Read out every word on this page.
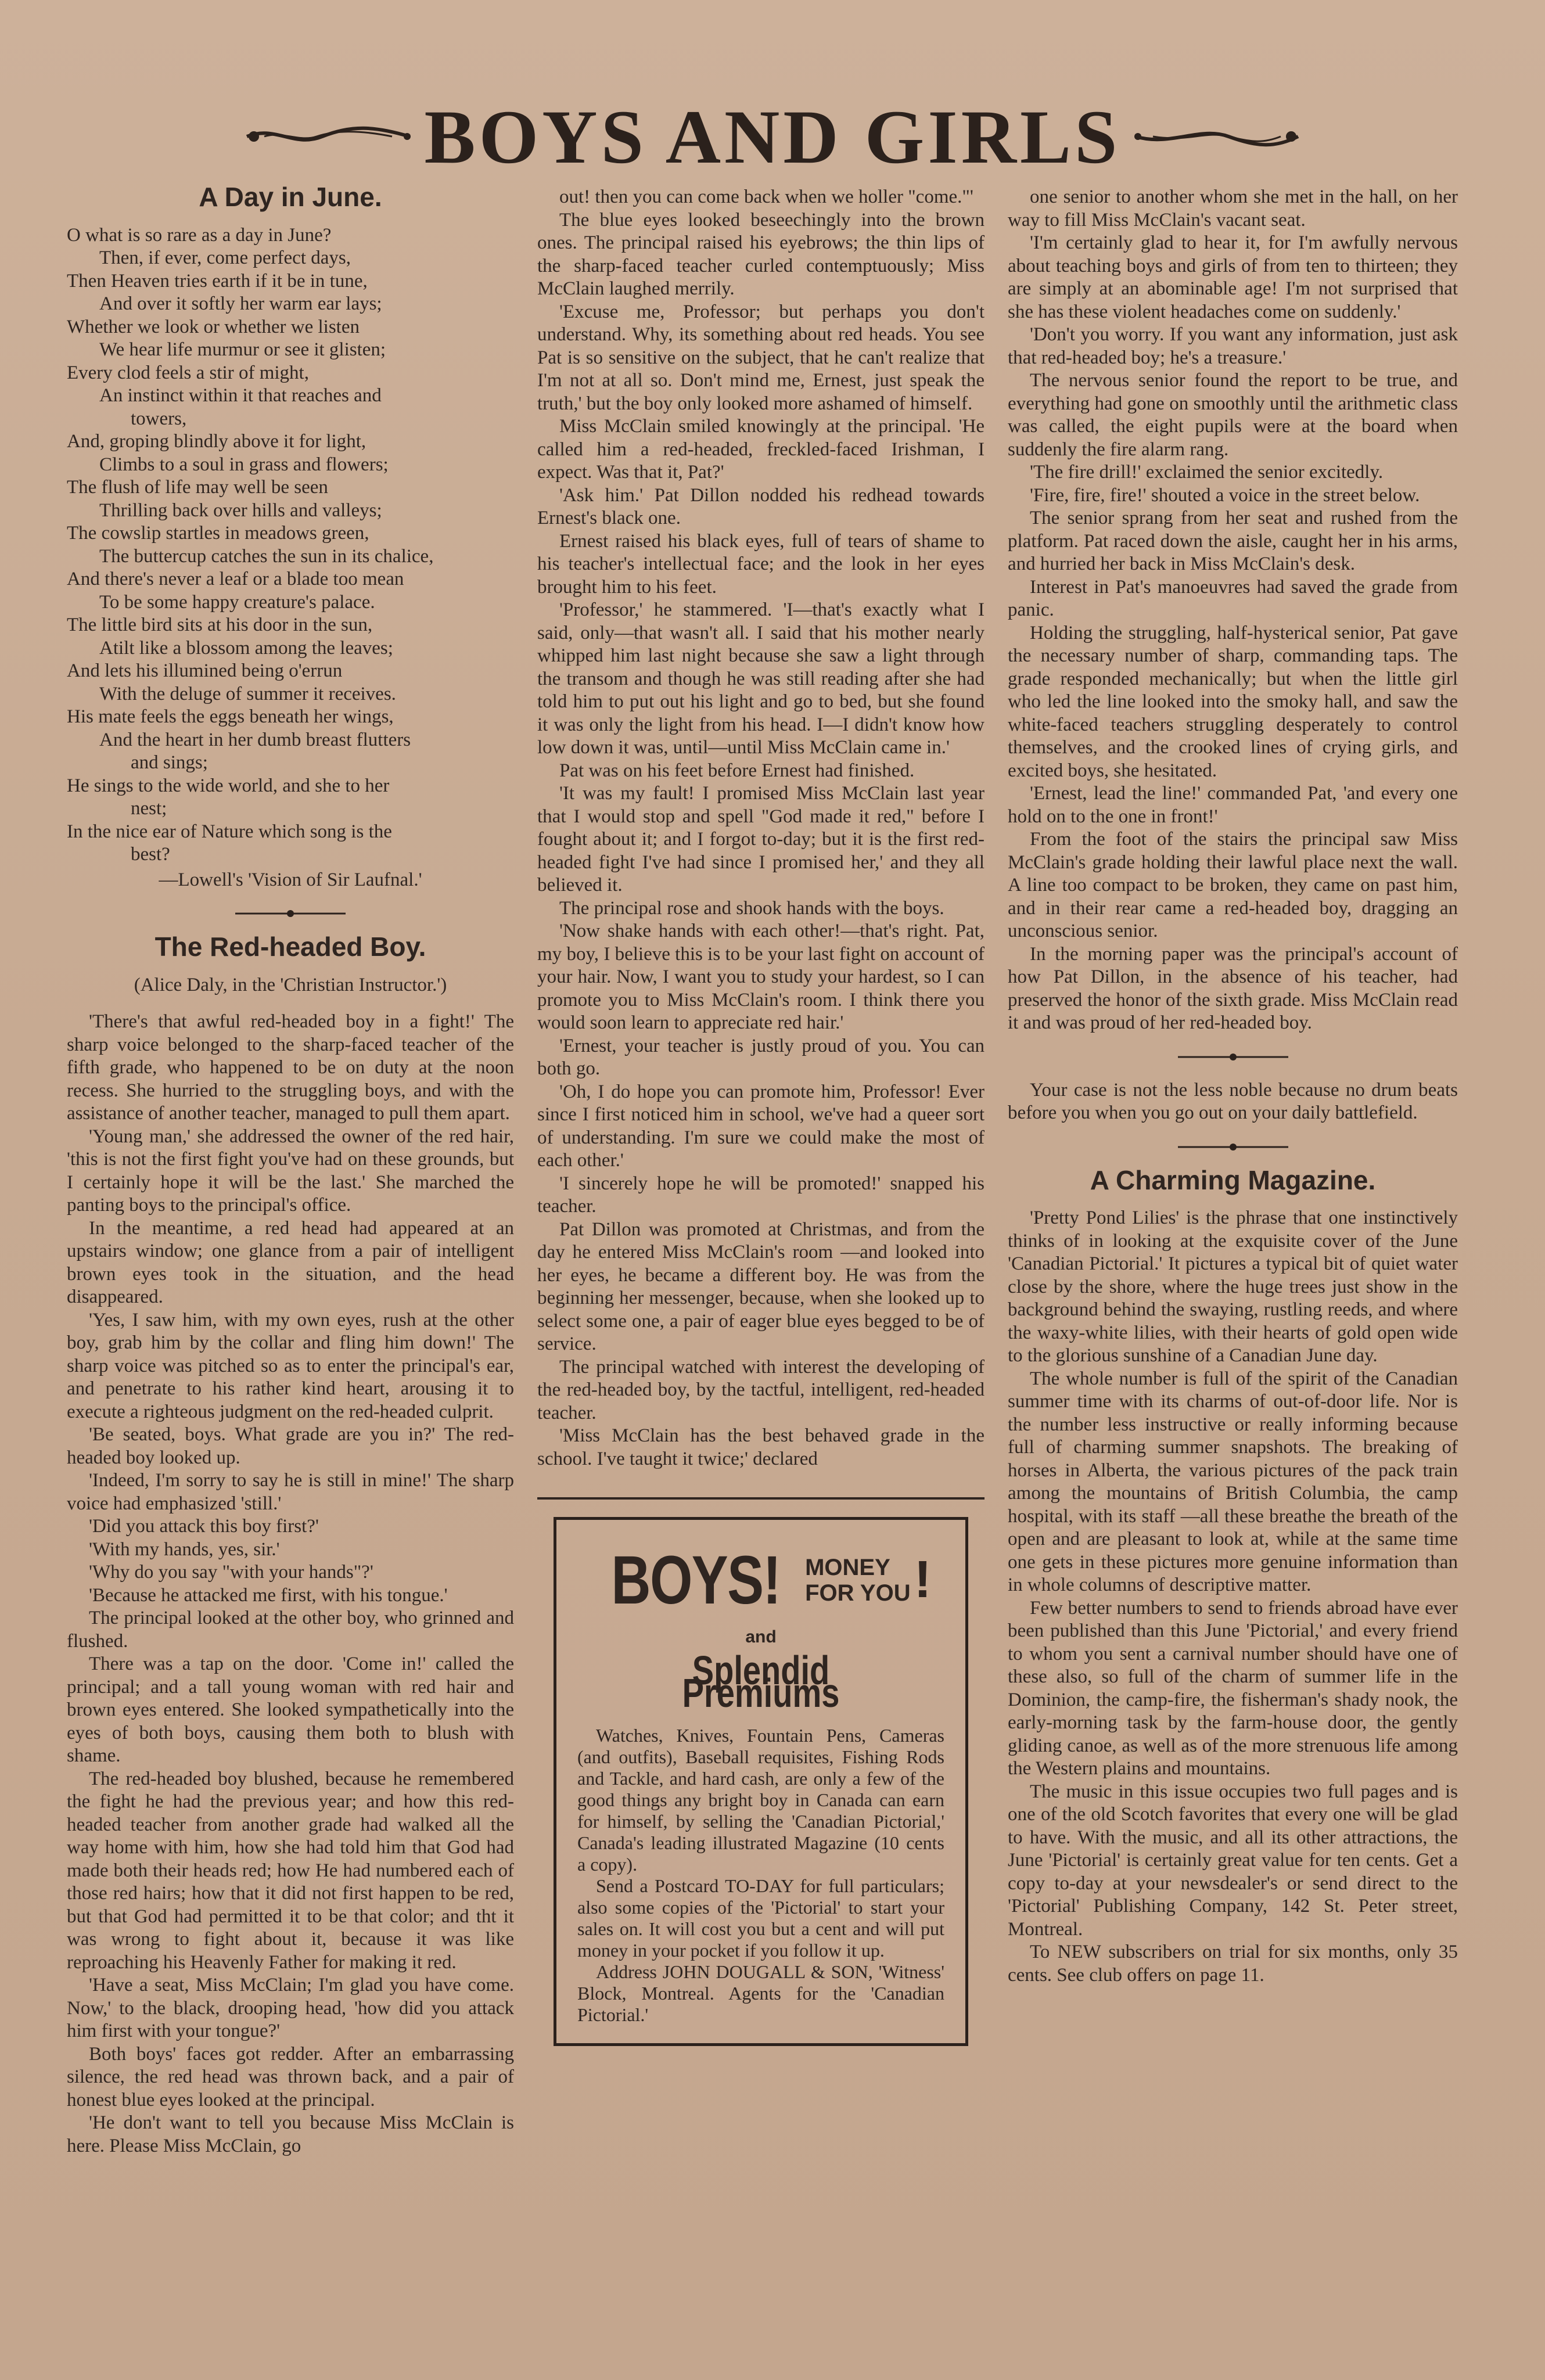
BOYS AND GIRLS
A Day in June.
O what is so rare as a day in June?
Then, if ever, come perfect days,
Then Heaven tries earth if it be in tune,
And over it softly her warm ear lays;
Whether we look or whether we listen
We hear life murmur or see it glisten;
Every clod feels a stir of might,
An instinct within it that reaches and
towers,
And, groping blindly above it for light,
Climbs to a soul in grass and flowers;
The flush of life may well be seen
Thrilling back over hills and valleys;
The cowslip startles in meadows green,
The buttercup catches the sun in its chalice,
And there's never a leaf or a blade too mean
To be some happy creature's palace.
The little bird sits at his door in the sun,
Atilt like a blossom among the leaves;
And lets his illumined being o'errun
With the deluge of summer it receives.
His mate feels the eggs beneath her wings,
And the heart in her dumb breast flutters
and sings;
He sings to the wide world, and she to her
nest;
In the nice ear of Nature which song is the
best?
—Lowell's 'Vision of Sir Laufnal.'
The Red-headed Boy.
(Alice Daly, in the 'Christian Instructor.')

'There's that awful red-headed boy in a fight!' The sharp voice belonged to the sharp-faced teacher of the fifth grade, who happened to be on duty at the noon recess. She hurried to the struggling boys, and with the assistance of another teacher, managed to pull them apart.

'Young man,' she addressed the owner of the red hair, 'this is not the first fight you've had on these grounds, but I certainly hope it will be the last.' She marched the panting boys to the principal's office.

In the meantime, a red head had appeared at an upstairs window; one glance from a pair of intelligent brown eyes took in the situation, and the head disappeared.

'Yes, I saw him, with my own eyes, rush at the other boy, grab him by the collar and fling him down!' The sharp voice was pitched so as to enter the principal's ear, and penetrate to his rather kind heart, arousing it to execute a righteous judgment on the red-headed culprit.

'Be seated, boys. What grade are you in?' The red-headed boy looked up.

'Indeed, I'm sorry to say he is still in mine!' The sharp voice had emphasized 'still.'

'Did you attack this boy first?'

'With my hands, yes, sir.'

'Why do you say "with your hands"?'

'Because he attacked me first, with his tongue.'

The principal looked at the other boy, who grinned and flushed.

There was a tap on the door. 'Come in!' called the principal; and a tall young woman with red hair and brown eyes entered. She looked sympathetically into the eyes of both boys, causing them both to blush with shame.

The red-headed boy blushed, because he remembered the fight he had the previous year; and how this red-headed teacher from another grade had walked all the way home with him, how she had told him that God had made both their heads red; how He had numbered each of those red hairs; how that it did not first happen to be red, but that God had permitted it to be that color; and tht it was wrong to fight about it, because it was like reproaching his Heavenly Father for making it red.

'Have a seat, Miss McClain; I'm glad you have come. Now,' to the black, drooping head, 'how did you attack him first with your tongue?'

Both boys' faces got redder. After an embarrassing silence, the red head was thrown back, and a pair of honest blue eyes looked at the principal.

'He don't want to tell you because Miss McClain is here. Please Miss McClain, go

out! then you can come back when we holler "come."'

The blue eyes looked beseechingly into the brown ones. The principal raised his eyebrows; the thin lips of the sharp-faced teacher curled contemptuously; Miss McClain laughed merrily.

'Excuse me, Professor; but perhaps you don't understand. Why, its something about red heads. You see Pat is so sensitive on the subject, that he can't realize that I'm not at all so. Don't mind me, Ernest, just speak the truth,' but the boy only looked more ashamed of himself.

Miss McClain smiled knowingly at the principal. 'He called him a red-headed, freckled-faced Irishman, I expect. Was that it, Pat?'

'Ask him.' Pat Dillon nodded his redhead towards Ernest's black one.

Ernest raised his black eyes, full of tears of shame to his teacher's intellectual face; and the look in her eyes brought him to his feet.

'Professor,' he stammered. 'I—that's exactly what I said, only—that wasn't all. I said that his mother nearly whipped him last night because she saw a light through the transom and though he was still reading after she had told him to put out his light and go to bed, but she found it was only the light from his head. I—I didn't know how low down it was, until—until Miss McClain came in.'

Pat was on his feet before Ernest had finished.

'It was my fault! I promised Miss McClain last year that I would stop and spell "God made it red," before I fought about it; and I forgot to-day; but it is the first red-headed fight I've had since I promised her,' and they all believed it.

The principal rose and shook hands with the boys.

'Now shake hands with each other!—that's right. Pat, my boy, I believe this is to be your last fight on account of your hair. Now, I want you to study your hardest, so I can promote you to Miss McClain's room. I think there you would soon learn to appreciate red hair.'

'Ernest, your teacher is justly proud of you. You can both go.

'Oh, I do hope you can promote him, Professor! Ever since I first noticed him in school, we've had a queer sort of understanding. I'm sure we could make the most of each other.'

'I sincerely hope he will be promoted!' snapped his teacher.

Pat Dillon was promoted at Christmas, and from the day he entered Miss McClain's room —and looked into her eyes, he became a different boy. He was from the beginning her messenger, because, when she looked up to select some one, a pair of eager blue eyes begged to be of service.

The principal watched with interest the developing of the red-headed boy, by the tactful, intelligent, red-headed teacher.

'Miss McClain has the best behaved grade in the school. I've taught it twice;' declared

BOYS! MONEY
FOR YOU !
and
Splendid Premiums

Watches, Knives, Fountain Pens, Cameras (and outfits), Baseball requisites, Fishing Rods and Tackle, and hard cash, are only a few of the good things any bright boy in Canada can earn for himself, by selling the 'Canadian Pictorial,' Canada's leading illustrated Magazine (10 cents a copy).

Send a Postcard TO-DAY for full particulars; also some copies of the 'Pictorial' to start your sales on. It will cost you but a cent and will put money in your pocket if you follow it up.

Address JOHN DOUGALL & SON, 'Witness' Block, Montreal. Agents for the 'Canadian Pictorial.'

one senior to another whom she met in the hall, on her way to fill Miss McClain's vacant seat.

'I'm certainly glad to hear it, for I'm awfully nervous about teaching boys and girls of from ten to thirteen; they are simply at an abominable age! I'm not surprised that she has these violent headaches come on suddenly.'

'Don't you worry. If you want any information, just ask that red-headed boy; he's a treasure.'

The nervous senior found the report to be true, and everything had gone on smoothly until the arithmetic class was called, the eight pupils were at the board when suddenly the fire alarm rang.

'The fire drill!' exclaimed the senior excitedly.

'Fire, fire, fire!' shouted a voice in the street below.

The senior sprang from her seat and rushed from the platform. Pat raced down the aisle, caught her in his arms, and hurried her back in Miss McClain's desk.

Interest in Pat's manoeuvres had saved the grade from panic.

Holding the struggling, half-hysterical senior, Pat gave the necessary number of sharp, commanding taps. The grade responded mechanically; but when the little girl who led the line looked into the smoky hall, and saw the white-faced teachers struggling desperately to control themselves, and the crooked lines of crying girls, and excited boys, she hesitated.

'Ernest, lead the line!' commanded Pat, 'and every one hold on to the one in front!'

From the foot of the stairs the principal saw Miss McClain's grade holding their lawful place next the wall. A line too compact to be broken, they came on past him, and in their rear came a red-headed boy, dragging an unconscious senior.

In the morning paper was the principal's account of how Pat Dillon, in the absence of his teacher, had preserved the honor of the sixth grade. Miss McClain read it and was proud of her red-headed boy.

Your case is not the less noble because no drum beats before you when you go out on your daily battlefield.

A Charming Magazine.

'Pretty Pond Lilies' is the phrase that one instinctively thinks of in looking at the exquisite cover of the June 'Canadian Pictorial.' It pictures a typical bit of quiet water close by the shore, where the huge trees just show in the background behind the swaying, rustling reeds, and where the waxy-white lilies, with their hearts of gold open wide to the glorious sunshine of a Canadian June day.

The whole number is full of the spirit of the Canadian summer time with its charms of out-of-door life. Nor is the number less instructive or really informing because full of charming summer snapshots. The breaking of horses in Alberta, the various pictures of the pack train among the mountains of British Columbia, the camp hospital, with its staff —all these breathe the breath of the open and are pleasant to look at, while at the same time one gets in these pictures more genuine information than in whole columns of descriptive matter.

Few better numbers to send to friends abroad have ever been published than this June 'Pictorial,' and every friend to whom you sent a carnival number should have one of these also, so full of the charm of summer life in the Dominion, the camp-fire, the fisherman's shady nook, the early-morning task by the farm-house door, the gently gliding canoe, as well as of the more strenuous life among the Western plains and mountains.

The music in this issue occupies two full pages and is one of the old Scotch favorites that every one will be glad to have. With the music, and all its other attractions, the June 'Pictorial' is certainly great value for ten cents. Get a copy to-day at your newsdealer's or send direct to the 'Pictorial' Publishing Company, 142 St. Peter street, Montreal.

To NEW subscribers on trial for six months, only 35 cents. See club offers on page 11.
